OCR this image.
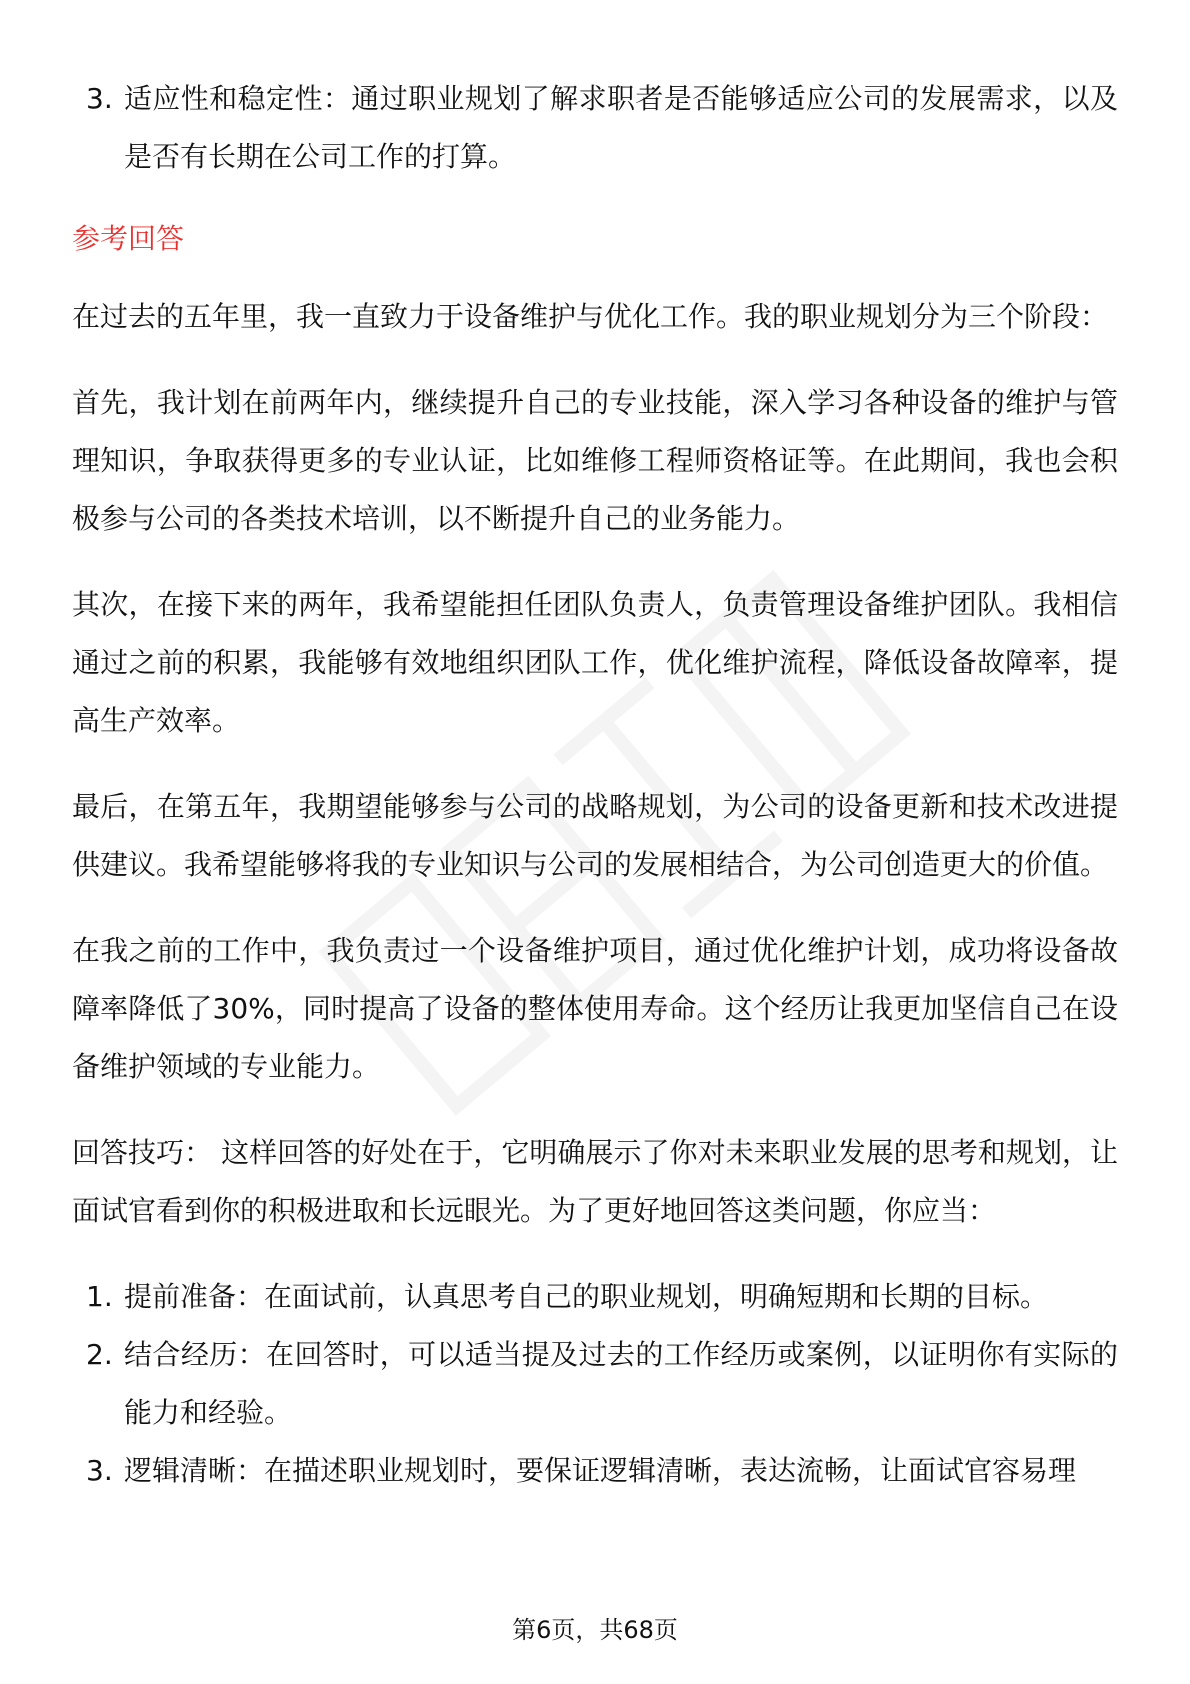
3. 适应性和稳定性：通过职业规划了解求职者是否能够适应公司的发展需求，以及是否有长期在公司工作的打算。
参考回答

在过去的五年里，我一直致力于设备维护与优化工作。我的职业规划分为三个阶段：

首先，我计划在前两年内，继续提升自己的专业技能，深入学习各种设备的维护与管理知识，争取获得更多的专业认证，比如维修工程师资格证等。在此期间，我也会积极参与公司的各类技术培训，以不断提升自己的业务能力。

其次，在接下来的两年，我希望能担任团队负责人，负责管理设备维护团队。我相信通过之前的积累，我能够有效地组织团队工作，优化维护流程，降低设备故障率，提高生产效率。

最后，在第五年，我期望能够参与公司的战略规划，为公司的设备更新和技术改进提供建议。我希望能够将我的专业知识与公司的发展相结合，为公司创造更大的价值。

在我之前的工作中，我负责过一个设备维护项目，通过优化维护计划，成功将设备故障率降低了30%，同时提高了设备的整体使用寿命。这个经历让我更加坚信自己在设备维护领域的专业能力。

回答技巧： 这样回答的好处在于，它明确展示了你对未来职业发展的思考和规划，让面试官看到你的积极进取和长远眼光。为了更好地回答这类问题，你应当：

1. 提前准备：在面试前，认真思考自己的职业规划，明确短期和长期的目标。
2. 结合经历：在回答时，可以适当提及过去的工作经历或案例，以证明你有实际的能力和经验。
3. 逻辑清晰：在描述职业规划时，要保证逻辑清晰，表达流畅，让面试官容易理
第6页，共68页
